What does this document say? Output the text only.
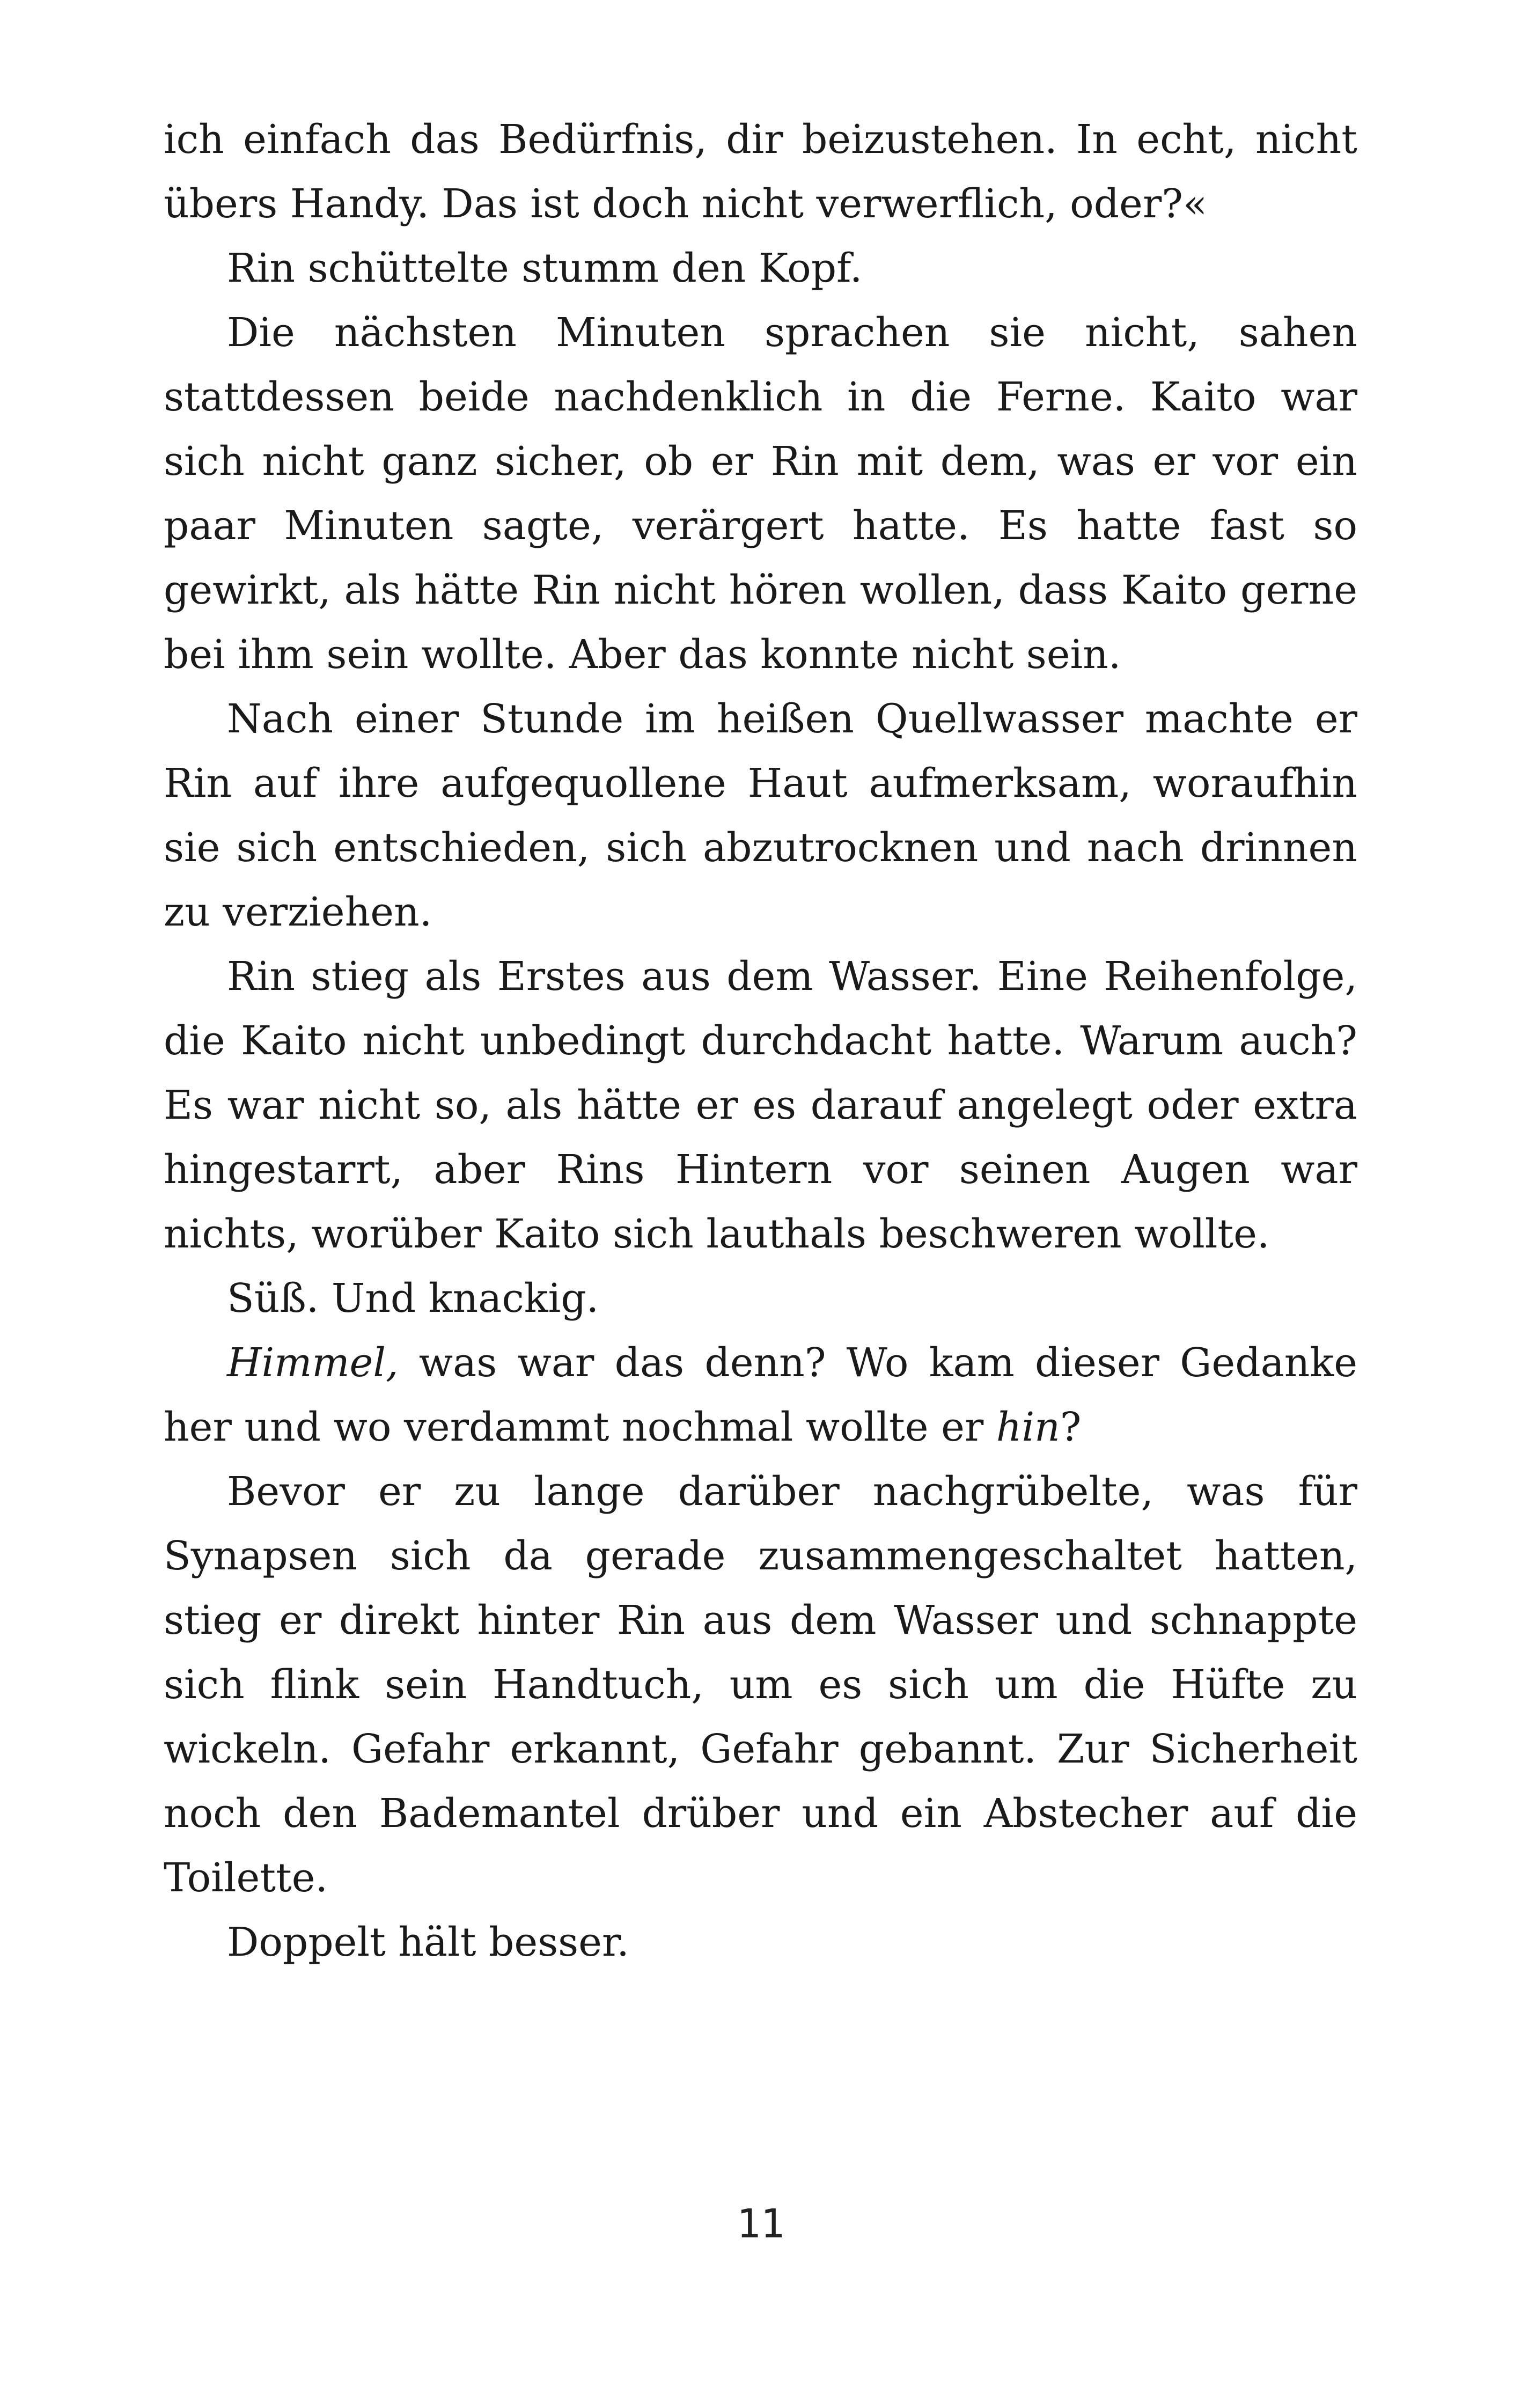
ich einfach das Bedürfnis, dir beizustehen. In echt, nicht übers Handy. Das ist doch nicht verwerflich, oder?«

Rin schüttelte stumm den Kopf.

Die nächsten Minuten sprachen sie nicht, sahen stattdessen beide nachdenklich in die Ferne. Kaito war sich nicht ganz sicher, ob er Rin mit dem, was er vor ein paar Minuten sagte, verärgert hatte. Es hatte fast so gewirkt, als hätte Rin nicht hören wollen, dass Kaito gerne bei ihm sein wollte. Aber das konnte nicht sein.

Nach einer Stunde im heißen Quellwasser machte er Rin auf ihre aufgequollene Haut aufmerksam, woraufhin sie sich entschieden, sich abzutrocknen und nach drinnen zu verziehen.

Rin stieg als Erstes aus dem Wasser. Eine Reihenfolge, die Kaito nicht unbedingt durchdacht hatte. Warum auch? Es war nicht so, als hätte er es darauf angelegt oder extra hingestarrt, aber Rins Hintern vor seinen Augen war nichts, worüber Kaito sich lauthals beschweren wollte.

Süß. Und knackig.

Himmel, was war das denn? Wo kam dieser Gedanke her und wo verdammt nochmal wollte er hin?

Bevor er zu lange darüber nachgrübelte, was für Synapsen sich da gerade zusammengeschaltet hatten, stieg er direkt hinter Rin aus dem Wasser und schnappte sich flink sein Handtuch, um es sich um die Hüfte zu wickeln. Gefahr erkannt, Gefahr gebannt. Zur Sicherheit noch den Bademantel drüber und ein Abstecher auf die Toilette.

Doppelt hält besser.

11
